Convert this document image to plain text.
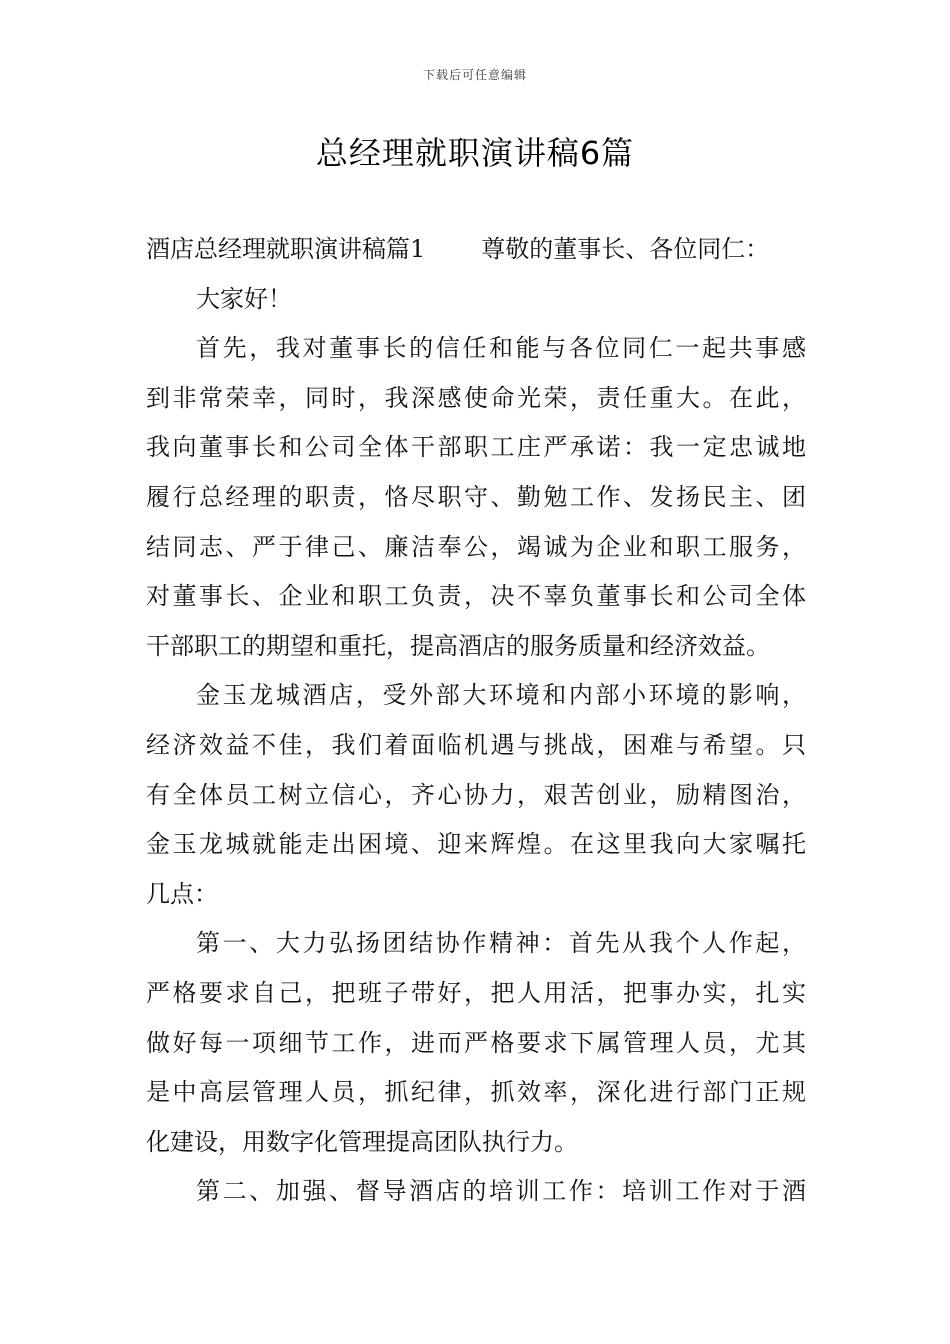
下载后可任意编辑
总经理就职演讲稿6篇
酒店总经理就职演讲稿篇1 尊敬的董事长、各位同仁：
大家好！
首先，我对董事长的信任和能与各位同仁一起共事感
到非常荣幸，同时，我深感使命光荣，责任重大。在此，
我向董事长和公司全体干部职工庄严承诺：我一定忠诚地
履行总经理的职责，恪尽职守、勤勉工作、发扬民主、团
结同志、严于律己、廉洁奉公，竭诚为企业和职工服务，
对董事长、企业和职工负责，决不辜负董事长和公司全体
干部职工的期望和重托，提高酒店的服务质量和经济效益。
金玉龙城酒店，受外部大环境和内部小环境的影响，
经济效益不佳，我们着面临机遇与挑战，困难与希望。只
有全体员工树立信心，齐心协力，艰苦创业，励精图治，
金玉龙城就能走出困境、迎来辉煌。在这里我向大家嘱托
几点：
第一、大力弘扬团结协作精神：首先从我个人作起，
严格要求自己，把班子带好，把人用活，把事办实，扎实
做好每一项细节工作，进而严格要求下属管理人员，尤其
是中高层管理人员，抓纪律，抓效率，深化进行部门正规
化建设，用数字化管理提高团队执行力。
第二、加强、督导酒店的培训工作：培训工作对于酒
